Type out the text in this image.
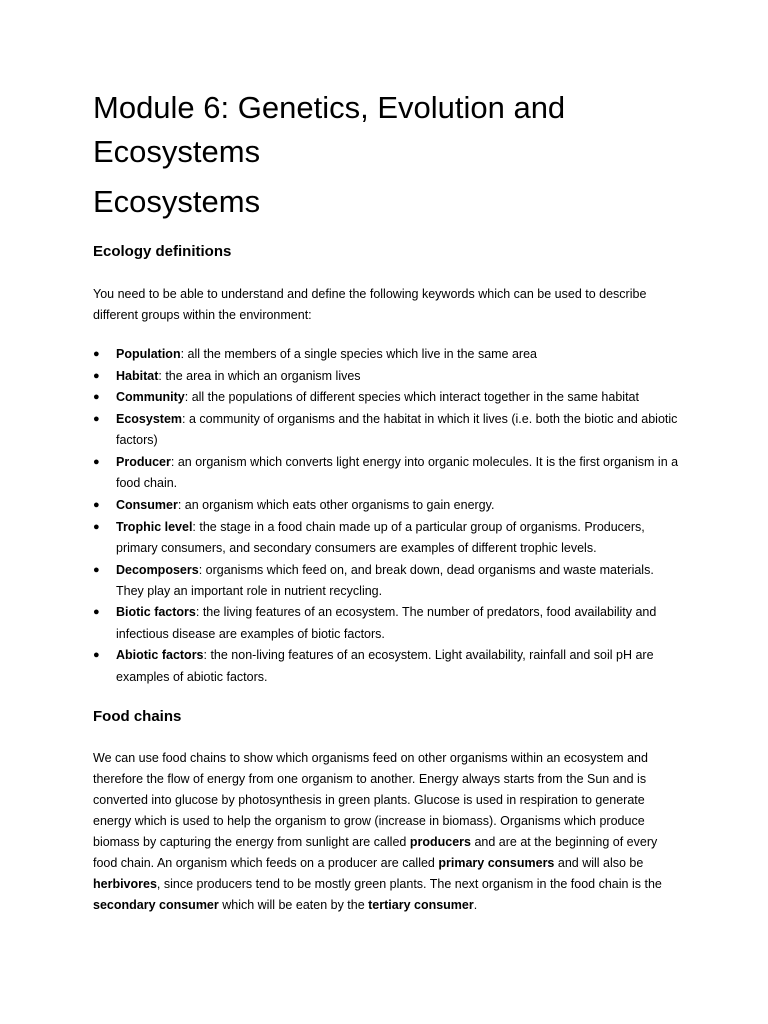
Module 6: Genetics, Evolution and Ecosystems
Ecosystems
Ecology definitions

You need to be able to understand and define the following keywords which can be used to describe different groups within the environment:

● Population: all the members of a single species which live in the same area
● Habitat: the area in which an organism lives
● Community: all the populations of different species which interact together in the same habitat
● Ecosystem: a community of organisms and the habitat in which it lives (i.e. both the biotic and abiotic factors)
● Producer: an organism which converts light energy into organic molecules. It is the first organism in a food chain.
● Consumer: an organism which eats other organisms to gain energy.
● Trophic level: the stage in a food chain made up of a particular group of organisms. Producers, primary consumers, and secondary consumers are examples of different trophic levels.
● Decomposers: organisms which feed on, and break down, dead organisms and waste materials. They play an important role in nutrient recycling.
● Biotic factors: the living features of an ecosystem. The number of predators, food availability and infectious disease are examples of biotic factors.
● Abiotic factors: the non-living features of an ecosystem. Light availability, rainfall and soil pH are examples of abiotic factors.
Food chains

We can use food chains to show which organisms feed on other organisms within an ecosystem and therefore the flow of energy from one organism to another. Energy always starts from the Sun and is converted into glucose by photosynthesis in green plants. Glucose is used in respiration to generate energy which is used to help the organism to grow (increase in biomass). Organisms which produce biomass by capturing the energy from sunlight are called producers and are at the beginning of every food chain. An organism which feeds on a producer are called primary consumers and will also be herbivores, since producers tend to be mostly green plants. The next organism in the food chain is the secondary consumer which will be eaten by the tertiary consumer.
